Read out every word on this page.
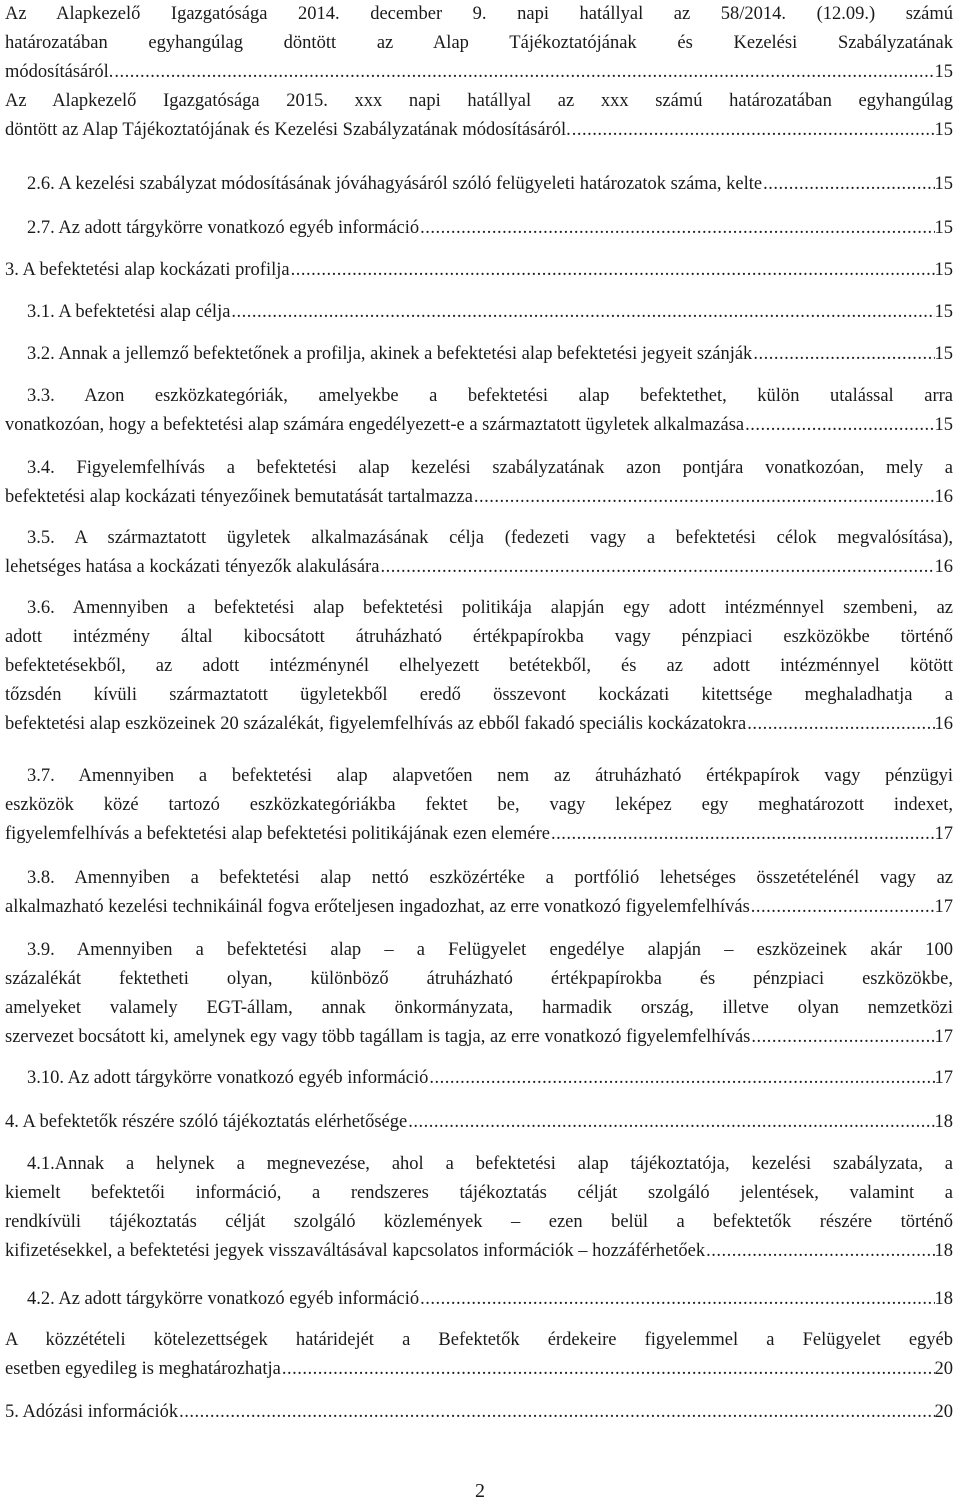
Az Alapkezelő Igazgatósága 2014. december 9. napi hatállyal az 58/2014. (12.09.) számú
határozatában egyhangúlag döntött az Alap Tájékoztatójának és Kezelési Szabályzatának
módosításáról. .....	15
Az Alapkezelő Igazgatósága 2015. xxx napi hatállyal az xxx számú határozatában egyhangúlag
döntött az Alap Tájékoztatójának és Kezelési Szabályzatának módosításáról. .....	15
2.6. A kezelési szabályzat módosításának jóváhagyásáról szóló felügyeleti határozatok száma, kelte .....	15
2.7. Az adott tárgykörre vonatkozó egyéb információ .....	15
3. A befektetési alap kockázati profilja .....	15
3.1. A befektetési alap célja .....	15
3.2. Annak a jellemző befektetőnek a profilja, akinek a befektetési alap befektetési jegyeit szánják .....	15
3.3. Azon eszközkategóriák, amelyekbe a befektetési alap befektethet, külön utalással arra
vonatkozóan, hogy a befektetési alap számára engedélyezett-e a származtatott ügyletek alkalmazása .....	15
3.4. Figyelemfelhívás a befektetési alap kezelési szabályzatának azon pontjára vonatkozóan, mely a
befektetési alap kockázati tényezőinek bemutatását tartalmazza .....	16
3.5. A származtatott ügyletek alkalmazásának célja (fedezeti vagy a befektetési célok megvalósítása),
lehetséges hatása a kockázati tényezők alakulására .....	16
3.6. Amennyiben a befektetési alap befektetési politikája alapján egy adott intézménnyel szembeni, az
adott intézmény által kibocsátott átruházható értékpapírokba vagy pénzpiaci eszközökbe történő
befektetésekből, az adott intézménynél elhelyezett betétekből, és az adott intézménnyel kötött
tőzsdén kívüli származtatott ügyletekből eredő összevont kockázati kitettsége meghaladhatja a
befektetési alap eszközeinek 20 százalékát, figyelemfelhívás az ebből fakadó speciális kockázatokra .....	16
3.7. Amennyiben a befektetési alap alapvetően nem az átruházható értékpapírok vagy pénzügyi
eszközök közé tartozó eszközkategóriákba fektet be, vagy leképez egy meghatározott indexet,
figyelemfelhívás a befektetési alap befektetési politikájának ezen elemére .....	17
3.8. Amennyiben a befektetési alap nettó eszközértéke a portfólió lehetséges összetételénél vagy az
alkalmazható kezelési technikáinál fogva erőteljesen ingadozhat, az erre vonatkozó figyelemfelhívás .....	17
3.9. Amennyiben a befektetési alap – a Felügyelet engedélye alapján – eszközeinek akár 100
százalékát fektetheti olyan, különböző átruházható értékpapírokba és pénzpiaci eszközökbe,
amelyeket valamely EGT-állam, annak önkormányzata, harmadik ország, illetve olyan nemzetközi
szervezet bocsátott ki, amelynek egy vagy több tagállam is tagja, az erre vonatkozó figyelemfelhívás .....	17
3.10. Az adott tárgykörre vonatkozó egyéb információ .....	17
4. A befektetők részére szóló tájékoztatás elérhetősége .....	18
4.1.Annak a helynek a megnevezése, ahol a befektetési alap tájékoztatója, kezelési szabályzata, a
kiemelt befektetői információ, a rendszeres tájékoztatás célját szolgáló jelentések, valamint a
rendkívüli tájékoztatás célját szolgáló közlemények – ezen belül a befektetők részére történő
kifizetésekkel, a befektetési jegyek visszaváltásával kapcsolatos információk – hozzáférhetőek .....	18
4.2. Az adott tárgykörre vonatkozó egyéb információ .....	18
A közzétételi kötelezettségek határidejét a Befektetők érdekeire figyelemmel a Felügyelet egyéb
esetben egyedileg is meghatározhatja .....	20
5. Adózási információk .....	20
2
